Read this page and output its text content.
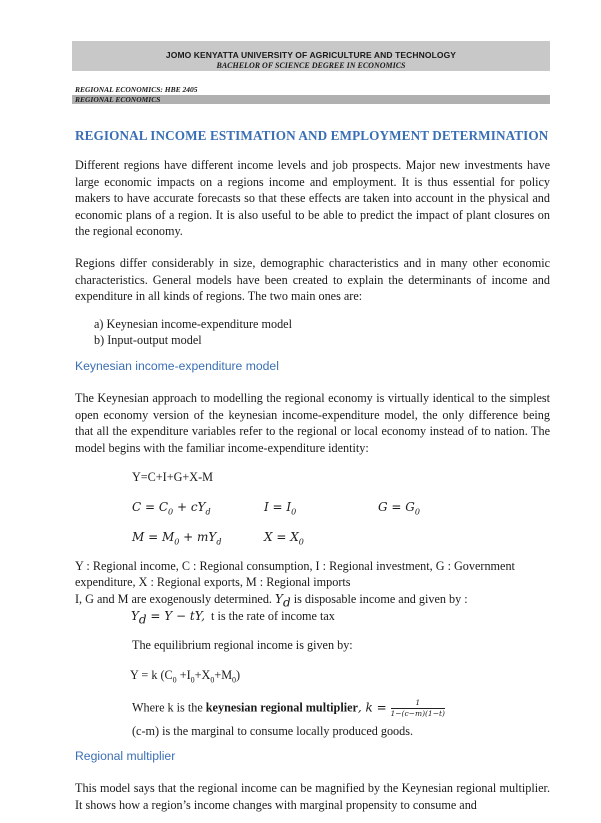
JOMO KENYATTA UNIVERSITY OF AGRICULTURE AND TECHNOLOGY
BACHELOR OF SCIENCE DEGREE IN ECONOMICS
REGIONAL ECONOMICS: HBE 2405
REGIONAL ECONOMICS
REGIONAL INCOME ESTIMATION AND EMPLOYMENT DETERMINATION
Different regions have different income levels and job prospects. Major new investments have large economic impacts on a regions income and employment. It is thus essential for policy makers to have accurate forecasts so that these effects are taken into account in the physical and economic plans of a region. It is also useful to be able to predict the impact of plant closures on the regional economy.
Regions differ considerably in size, demographic characteristics and in many other economic characteristics. General models have been created to explain the determinants of income and expenditure in all kinds of regions. The two main ones are:
a) Keynesian income-expenditure model
b) Input-output model
Keynesian income-expenditure model
The Keynesian approach to modelling the regional economy is virtually identical to the simplest open economy version of the keynesian income-expenditure model, the only difference being that all the expenditure variables refer to the regional or local economy instead of to nation. The model begins with the familiar income-expenditure identity:
Y=C+I+G+X-M
$C = C_0 + cY_d$	$I = I_0$	$G = G_0$
$M = M_0 + mY_d$	$X = X_0$
Y : Regional income, C : Regional consumption, I : Regional investment, G : Government
expenditure, X : Regional exports, M : Regional imports
I, G and M are exogenously determined. $Y_d$ is disposable income and given by :
$Y_d = Y$ − tY, t is the rate of income tax
The equilibrium regional income is given by:
Y = k $(C_0 +I_0+X_0+M_0)$
Where k is the keynesian regional multiplier, $k = \frac{1}{1-(c-m)(1-t)}$
(c-m) is the marginal to consume locally produced goods.
Regional multiplier
This model says that the regional income can be magnified by the Keynesian regional multiplier. It shows how a region’s income changes with marginal propensity to consume and
